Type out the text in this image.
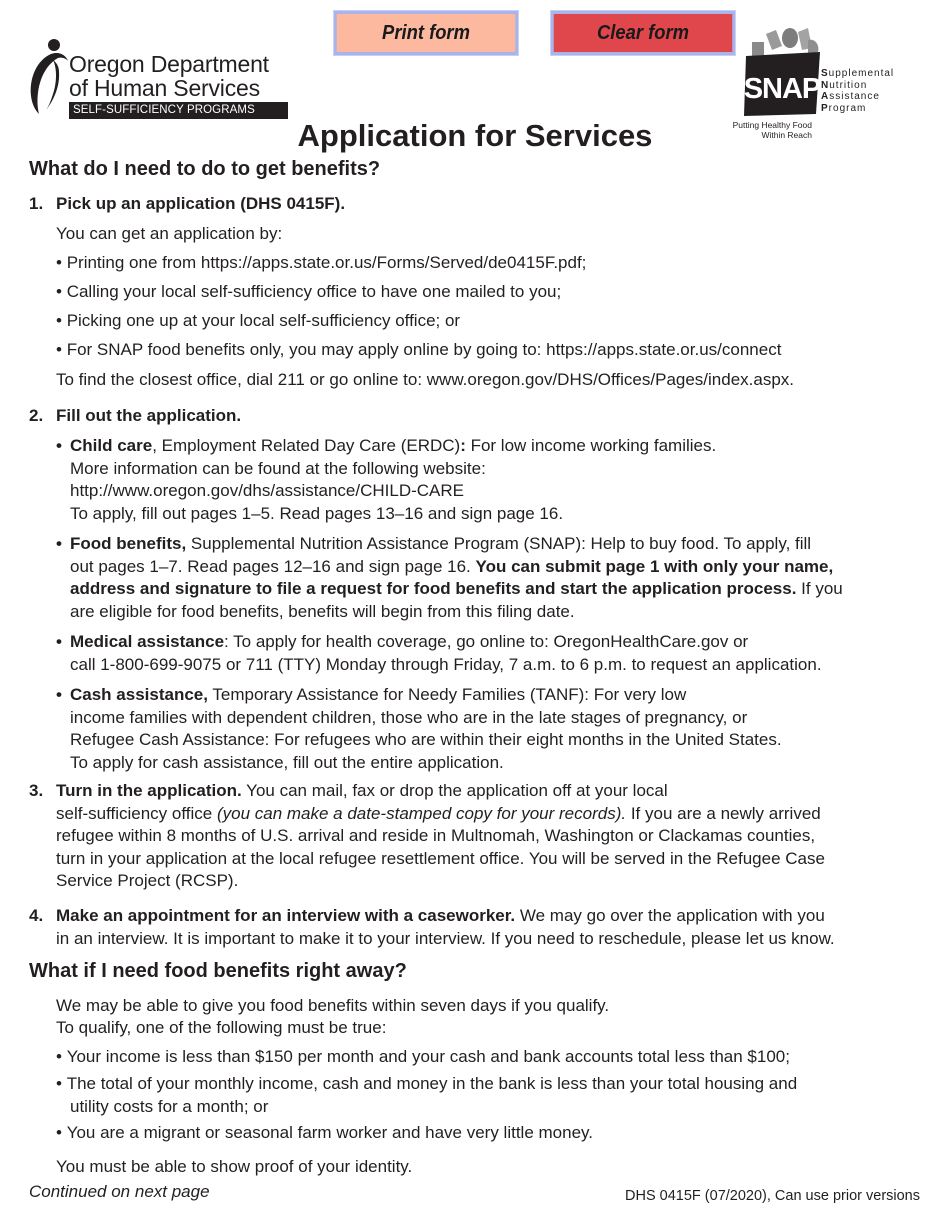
Print form	Clear form
Oregon Department
of Human Services
SELF-SUFFICIENCY PROGRAMS
SNAP Supplemental
Nutrition
Assistance
Program
Putting Healthy Food
Within Reach
Application for Services
What do I need to do to get benefits?
1. Pick up an application (DHS 0415F).
You can get an application by:
• Printing one from https://apps.state.or.us/Forms/Served/de0415F.pdf;
• Calling your local self-sufficiency office to have one mailed to you;
• Picking one up at your local self-sufficiency office; or
• For SNAP food benefits only, you may apply online by going to: https://apps.state.or.us/connect
To find the closest office, dial 211 or go online to: www.oregon.gov/DHS/Offices/Pages/index.aspx.
2. Fill out the application.
• Child care, Employment Related Day Care (ERDC): For low income working families.
More information can be found at the following website:
http://www.oregon.gov/dhs/assistance/CHILD-CARE
To apply, fill out pages 1–5. Read pages 13–16 and sign page 16.
• Food benefits, Supplemental Nutrition Assistance Program (SNAP): Help to buy food. To apply, fill
out pages 1–7. Read pages 12–16 and sign page 16. You can submit page 1 with only your name,
address and signature to file a request for food benefits and start the application process. If you
are eligible for food benefits, benefits will begin from this filing date.
• Medical assistance: To apply for health coverage, go online to: OregonHealthCare.gov or
call 1-800-699-9075 or 711 (TTY) Monday through Friday, 7 a.m. to 6 p.m. to request an application.
• Cash assistance, Temporary Assistance for Needy Families (TANF): For very low
income families with dependent children, those who are in the late stages of pregnancy, or
Refugee Cash Assistance: For refugees who are within their eight months in the United States.
To apply for cash assistance, fill out the entire application.
3. Turn in the application. You can mail, fax or drop the application off at your local
self-sufficiency office (you can make a date-stamped copy for your records). If you are a newly arrived
refugee within 8 months of U.S. arrival and reside in Multnomah, Washington or Clackamas counties,
turn in your application at the local refugee resettlement office. You will be served in the Refugee Case
Service Project (RCSP).
4. Make an appointment for an interview with a caseworker. We may go over the application with you
in an interview. It is important to make it to your interview. If you need to reschedule, please let us know.
What if I need food benefits right away?
We may be able to give you food benefits within seven days if you qualify.
To qualify, one of the following must be true:
• Your income is less than $150 per month and your cash and bank accounts total less than $100;
• The total of your monthly income, cash and money in the bank is less than your total housing and
utility costs for a month; or
• You are a migrant or seasonal farm worker and have very little money.
You must be able to show proof of your identity.
Continued on next page	DHS 0415F (07/2020), Can use prior versions
